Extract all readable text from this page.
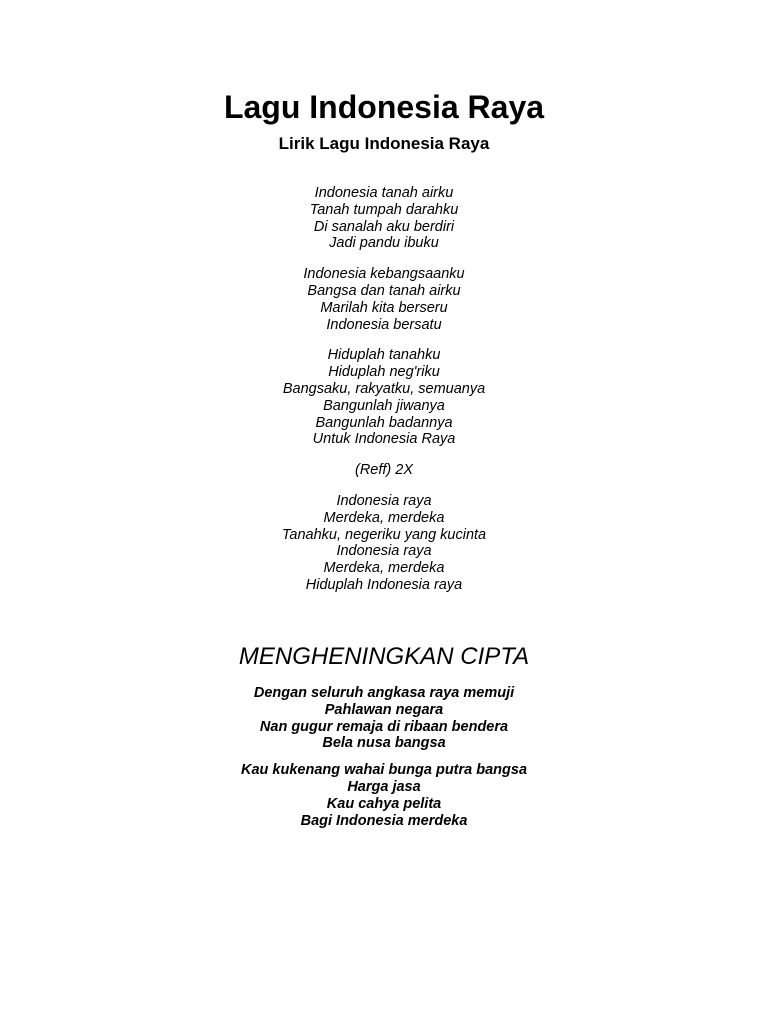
Lagu Indonesia Raya
Lirik Lagu Indonesia Raya
Indonesia tanah airku
Tanah tumpah darahku
Di sanalah aku berdiri
Jadi pandu ibuku
Indonesia kebangsaanku
Bangsa dan tanah airku
Marilah kita berseru
Indonesia bersatu
Hiduplah tanahku
Hiduplah neg'riku
Bangsaku, rakyatku, semuanya
Bangunlah jiwanya
Bangunlah badannya
Untuk Indonesia Raya
(Reff) 2X
Indonesia raya
Merdeka, merdeka
Tanahku, negeriku yang kucinta
Indonesia raya
Merdeka, merdeka
Hiduplah Indonesia raya
MENGHENINGKAN CIPTA
Dengan seluruh angkasa raya memuji
Pahlawan negara
Nan gugur remaja di ribaan bendera
Bela nusa bangsa
Kau kukenang wahai bunga putra bangsa
Harga jasa
Kau cahya pelita
Bagi Indonesia merdeka
